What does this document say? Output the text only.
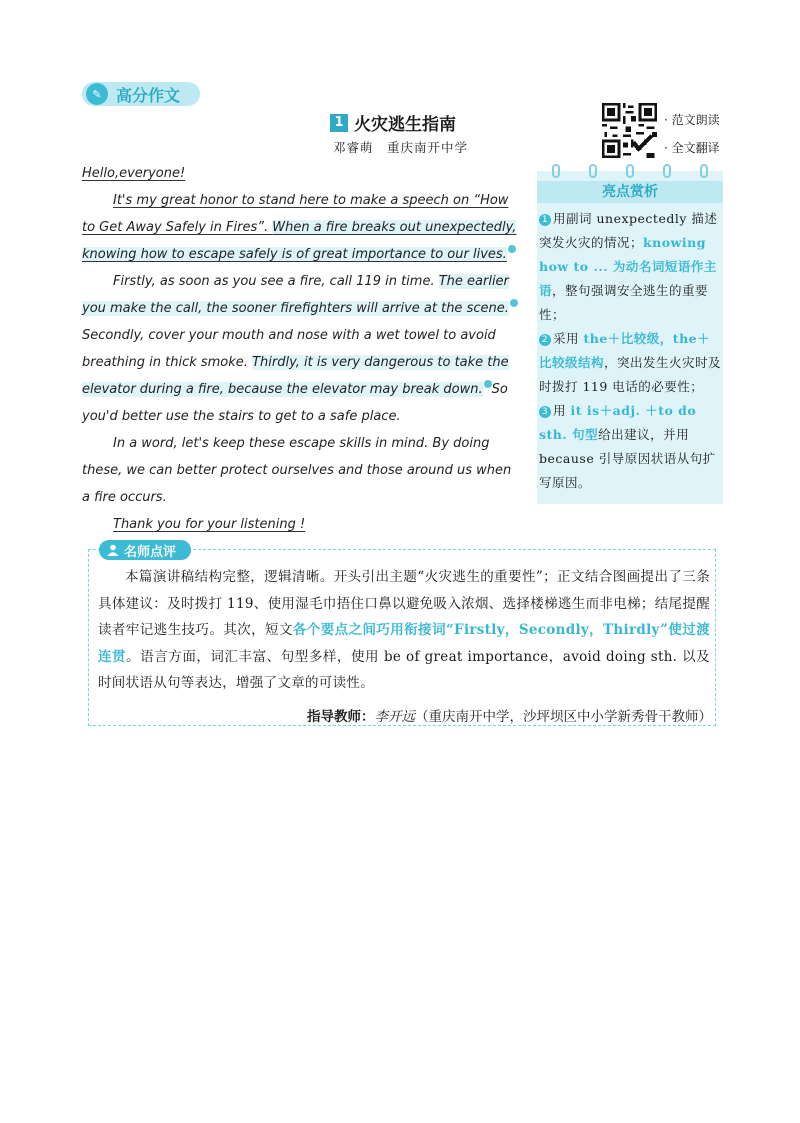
✎ 高分作文
1 火灾逃生指南
邓睿萌　重庆南开中学
· 范文朗读
· 全文翻译

Hello,everyone!

It's my great honor to stand here to make a speech on “How to Get Away Safely in Fires”. When a fire breaks out unexpectedly, knowing how to escape safely is of great importance to our lives.

Firstly, as soon as you see a fire, call 119 in time. The earlier you make the call, the sooner firefighters will arrive at the scene.Secondly, cover your mouth and nose with a wet towel to avoid breathing in thick smoke. Thirdly, it is very dangerous to take the elevator during a fire, because the elevator may break down. So you'd better use the stairs to get to a safe place.

In a word, let's keep these escape skills in mind. By doing these, we can better protect ourselves and those around us when a fire occurs.

Thank you for your listening !

亮点赏析

1 用副词 unexpectedly 描述突发火灾的情况；knowing how to ... 为动名词短语作主语，整句强调安全逃生的重要性；

2 采用 the＋比较级，the＋比较级结构，突出发生火灾时及时拨打 119 电话的必要性；

3 用 it is＋adj. ＋to do sth. 句型给出建议，并用 because 引导原因状语从句扩写原因。

名师点评

本篇演讲稿结构完整，逻辑清晰。开头引出主题“火灾逃生的重要性”；正文结合图画提出了三条具体建议：及时拨打 119、使用湿毛巾捂住口鼻以避免吸入浓烟、选择楼梯逃生而非电梯；结尾提醒读者牢记逃生技巧。其次，短文各个要点之间巧用衔接词“Firstly，Secondly，Thirdly”使过渡连贯。语言方面，词汇丰富、句型多样，使用 be of great importance，avoid doing sth. 以及时间状语从句等表达，增强了文章的可读性。

指导教师：李开远（重庆南开中学，沙坪坝区中小学新秀骨干教师）
